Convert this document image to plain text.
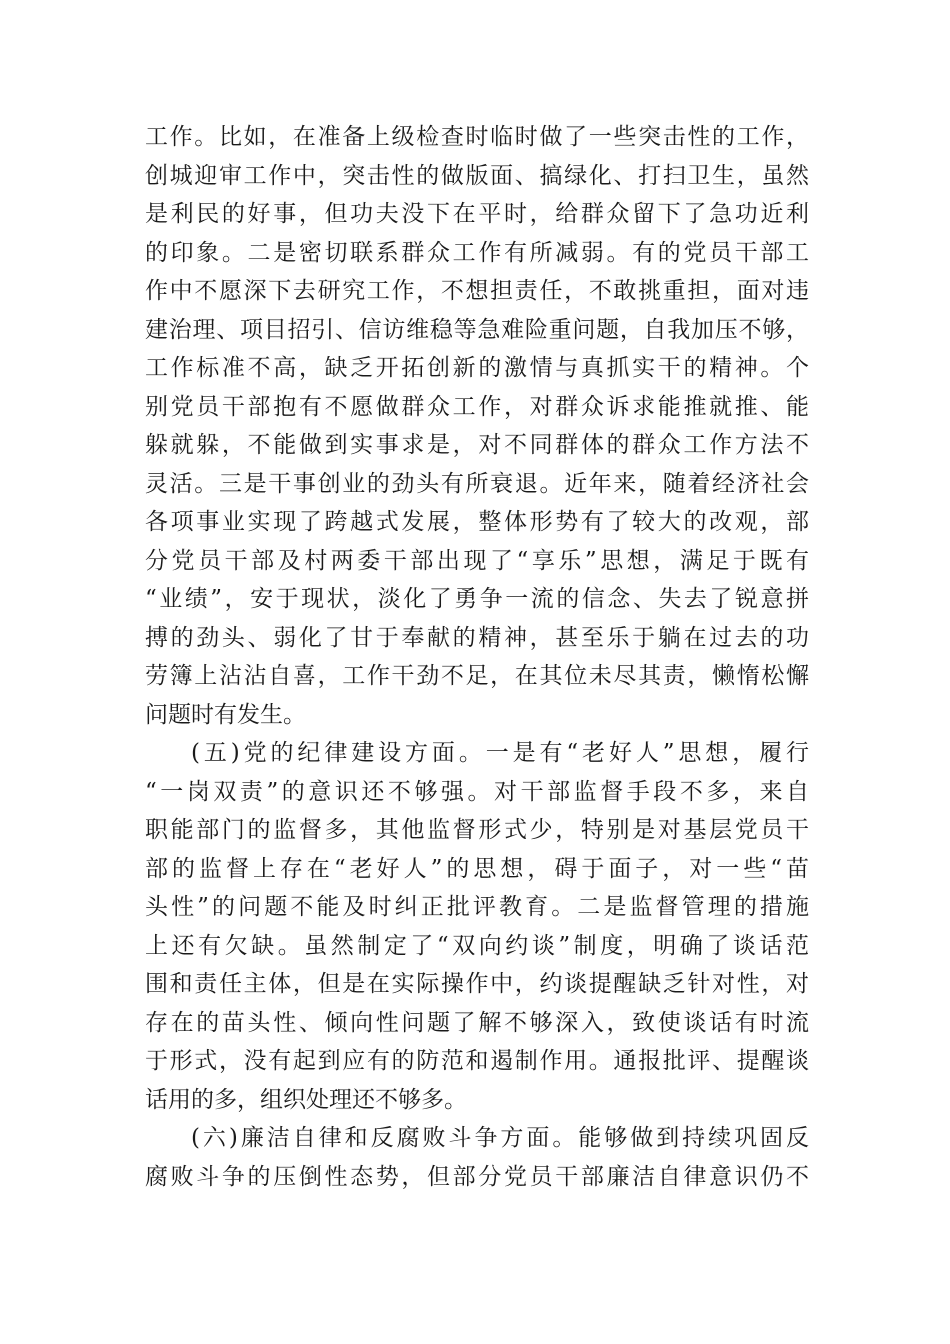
工作。比如，在准备上级检查时临时做了一些突击性的工作，
创城迎审工作中，突击性的做版面、搞绿化、打扫卫生，虽然
是利民的好事，但功夫没下在平时，给群众留下了急功近利
的印象。二是密切联系群众工作有所减弱。有的党员干部工
作中不愿深下去研究工作，不想担责任，不敢挑重担，面对违
建治理、项目招引、信访维稳等急难险重问题，自我加压不够，
工作标准不高，缺乏开拓创新的激情与真抓实干的精神。个
别党员干部抱有不愿做群众工作，对群众诉求能推就推、能
躲就躲，不能做到实事求是，对不同群体的群众工作方法不
灵活。三是干事创业的劲头有所衰退。近年来，随着经济社会
各项事业实现了跨越式发展，整体形势有了较大的改观，部
分党员干部及村两委干部出现了“享乐”思想，满足于既有
“业绩”，安于现状，淡化了勇争一流的信念、失去了锐意拼
搏的劲头、弱化了甘于奉献的精神，甚至乐于躺在过去的功
劳簿上沾沾自喜，工作干劲不足，在其位未尽其责，懒惰松懈
问题时有发生。
(五)党的纪律建设方面。一是有“老好人”思想，履行
“一岗双责”的意识还不够强。对干部监督手段不多，来自
职能部门的监督多，其他监督形式少，特别是对基层党员干
部的监督上存在“老好人”的思想，碍于面子，对一些“苗
头性”的问题不能及时纠正批评教育。二是监督管理的措施
上还有欠缺。虽然制定了“双向约谈”制度，明确了谈话范
围和责任主体，但是在实际操作中，约谈提醒缺乏针对性，对
存在的苗头性、倾向性问题了解不够深入，致使谈话有时流
于形式，没有起到应有的防范和遏制作用。通报批评、提醒谈
话用的多，组织处理还不够多。
(六)廉洁自律和反腐败斗争方面。能够做到持续巩固反
腐败斗争的压倒性态势，但部分党员干部廉洁自律意识仍不
